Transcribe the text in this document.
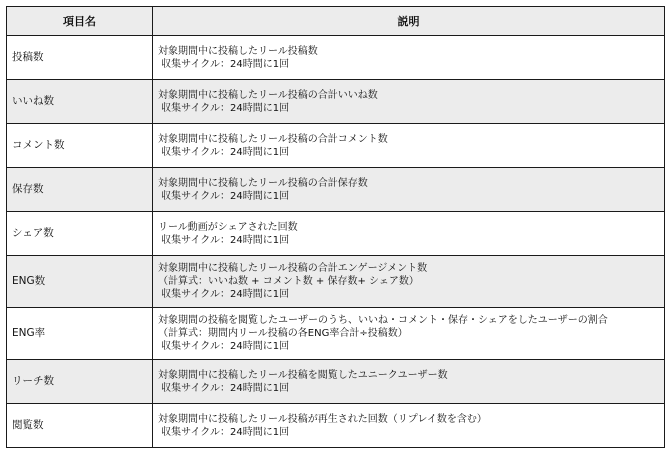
項目名	説明
投稿数	対象期間中に投稿したリール投稿数
収集サイクル：24時間に1回

いいね数	対象期間中に投稿したリール投稿の合計いいね数
収集サイクル：24時間に1回

コメント数	対象期間中に投稿したリール投稿の合計コメント数
収集サイクル：24時間に1回

保存数	対象期間中に投稿したリール投稿の合計保存数
収集サイクル：24時間に1回

シェア数	リール動画がシェアされた回数
収集サイクル：24時間に1回

ENG数	対象期間中に投稿したリール投稿の合計エンゲージメント数
（計算式：いいね数 + コメント数 + 保存数+ シェア数）
収集サイクル：24時間に1回

ENG率	対象期間の投稿を閲覧したユーザーのうち、いいね・コメント・保存・シェアをしたユーザーの割合
（計算式：期間内リール投稿の各ENG率合計÷投稿数）
収集サイクル：24時間に1回

リーチ数	対象期間中に投稿したリール投稿を閲覧したユニークユーザー数
収集サイクル：24時間に1回

閲覧数	対象期間中に投稿したリール投稿が再生された回数（リプレイ数を含む）
収集サイクル：24時間に1回
